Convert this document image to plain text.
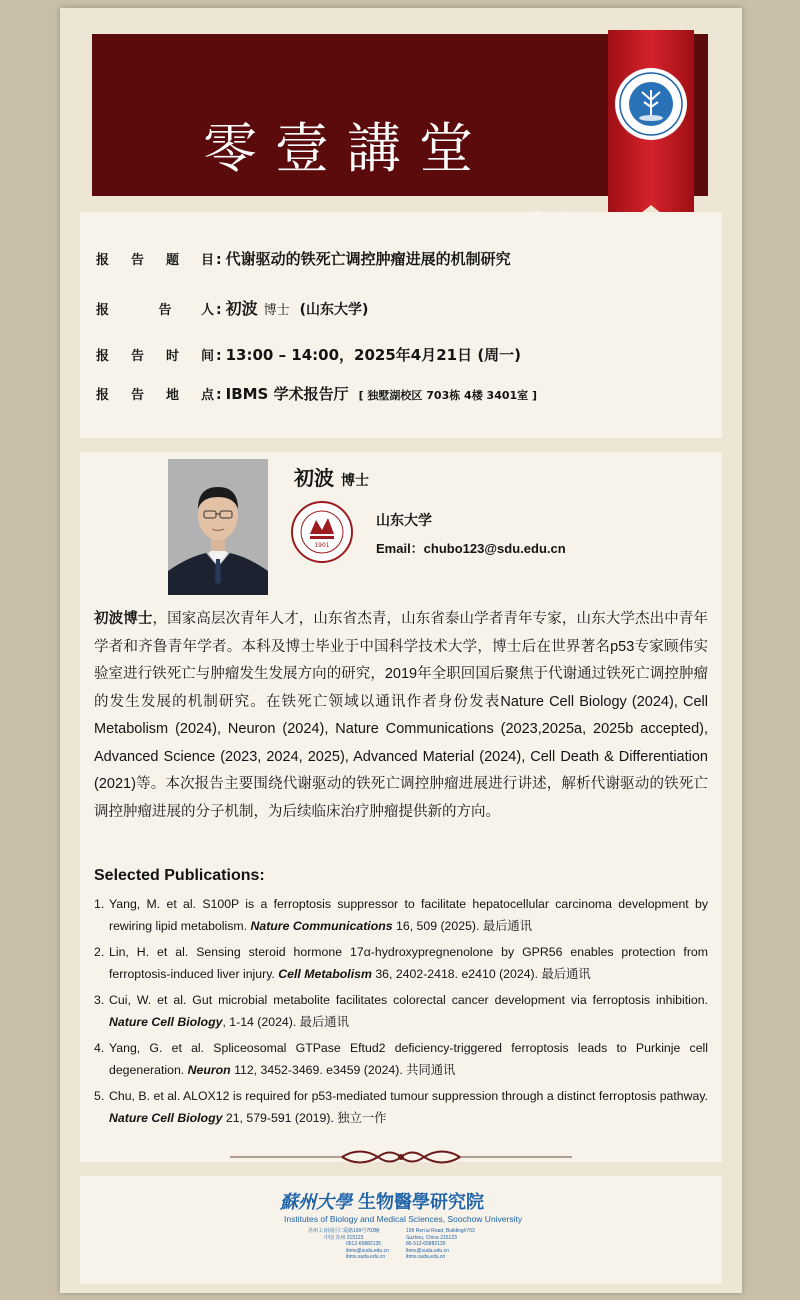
零壹講堂
报 告 题 目 : 代谢驱动的铁死亡调控肿瘤进展的机制研究
报	告 人 : 初波 博士 (山东大学)
报 告 时 间 : 13:00 – 14:00，2025年4月21日 (周一)
报 告 地 点 : IBMS 学术报告厅 [ 独墅湖校区 703栋 4楼 3401室 ]
初波 博士
1901
山东大学
Email：chubo123@sdu.edu.cn
初波博士，国家高层次青年人才，山东省杰青，山东省泰山学者青年专家，山东大学杰出中青年学者和齐鲁青年学者。本科及博士毕业于中国科学技术大学，博士后在世界著名p53专家顾伟实验室进行铁死亡与肿瘤发生发展方向的研究，2019年全职回国后聚焦于代谢通过铁死亡调控肿瘤的发生发展的机制研究。在铁死亡领域以通讯作者身份发表Nature Cell Biology (2024), Cell Metabolism (2024), Neuron (2024), Nature Communications (2023,2025a, 2025b accepted), Advanced Science (2023, 2024, 2025), Advanced Material (2024), Cell Death & Differentiation (2021)等。本次报告主要围绕代谢驱动的铁死亡调控肿瘤进展进行讲述，解析代谢驱动的铁死亡调控肿瘤进展的分子机制，为后续临床治疗肿瘤提供新的方向。
Selected Publications:
1. Yang, M. et al. S100P is a ferroptosis suppressor to facilitate hepatocellular carcinoma development by rewiring lipid metabolism. Nature Communications 16, 509 (2025). 最后通讯
2. Lin, H. et al. Sensing steroid hormone 17α-hydroxypregnenolone by GPR56 enables protection from ferroptosis-induced liver injury. Cell Metabolism 36, 2402-2418. e2410 (2024). 最后通讯
3. Cui, W. et al. Gut microbial metabolite facilitates colorectal cancer development via ferroptosis inhibition. Nature Cell Biology, 1-14 (2024). 最后通讯
4. Yang, G. et al. Spliceosomal GTPase Eftud2 deficiency-triggered ferroptosis leads to Purkinje cell degeneration. Neuron 112, 3452-3469. e3459 (2024). 共同通讯
5. Chu, B. et al. ALOX12 is required for p53-mediated tumour suppression through a distinct ferroptosis pathway. Nature Cell Biology 21, 579-591 (2019). 独立一作
蘇州大學 生物醫學研究院
Institutes of Biology and Medical Sciences, Soochow University
苏州工业园区仁爱路199号703幢
中国 苏州 215123
0512-65882135
ibms@suda.edu.cn
ibms.suda.edu.cn
199 Ren'ai Road, Building#703
Suzhou, China 215123
86-512-65882135
ibms@suda.edu.cn
ibms.suda.edu.cn
